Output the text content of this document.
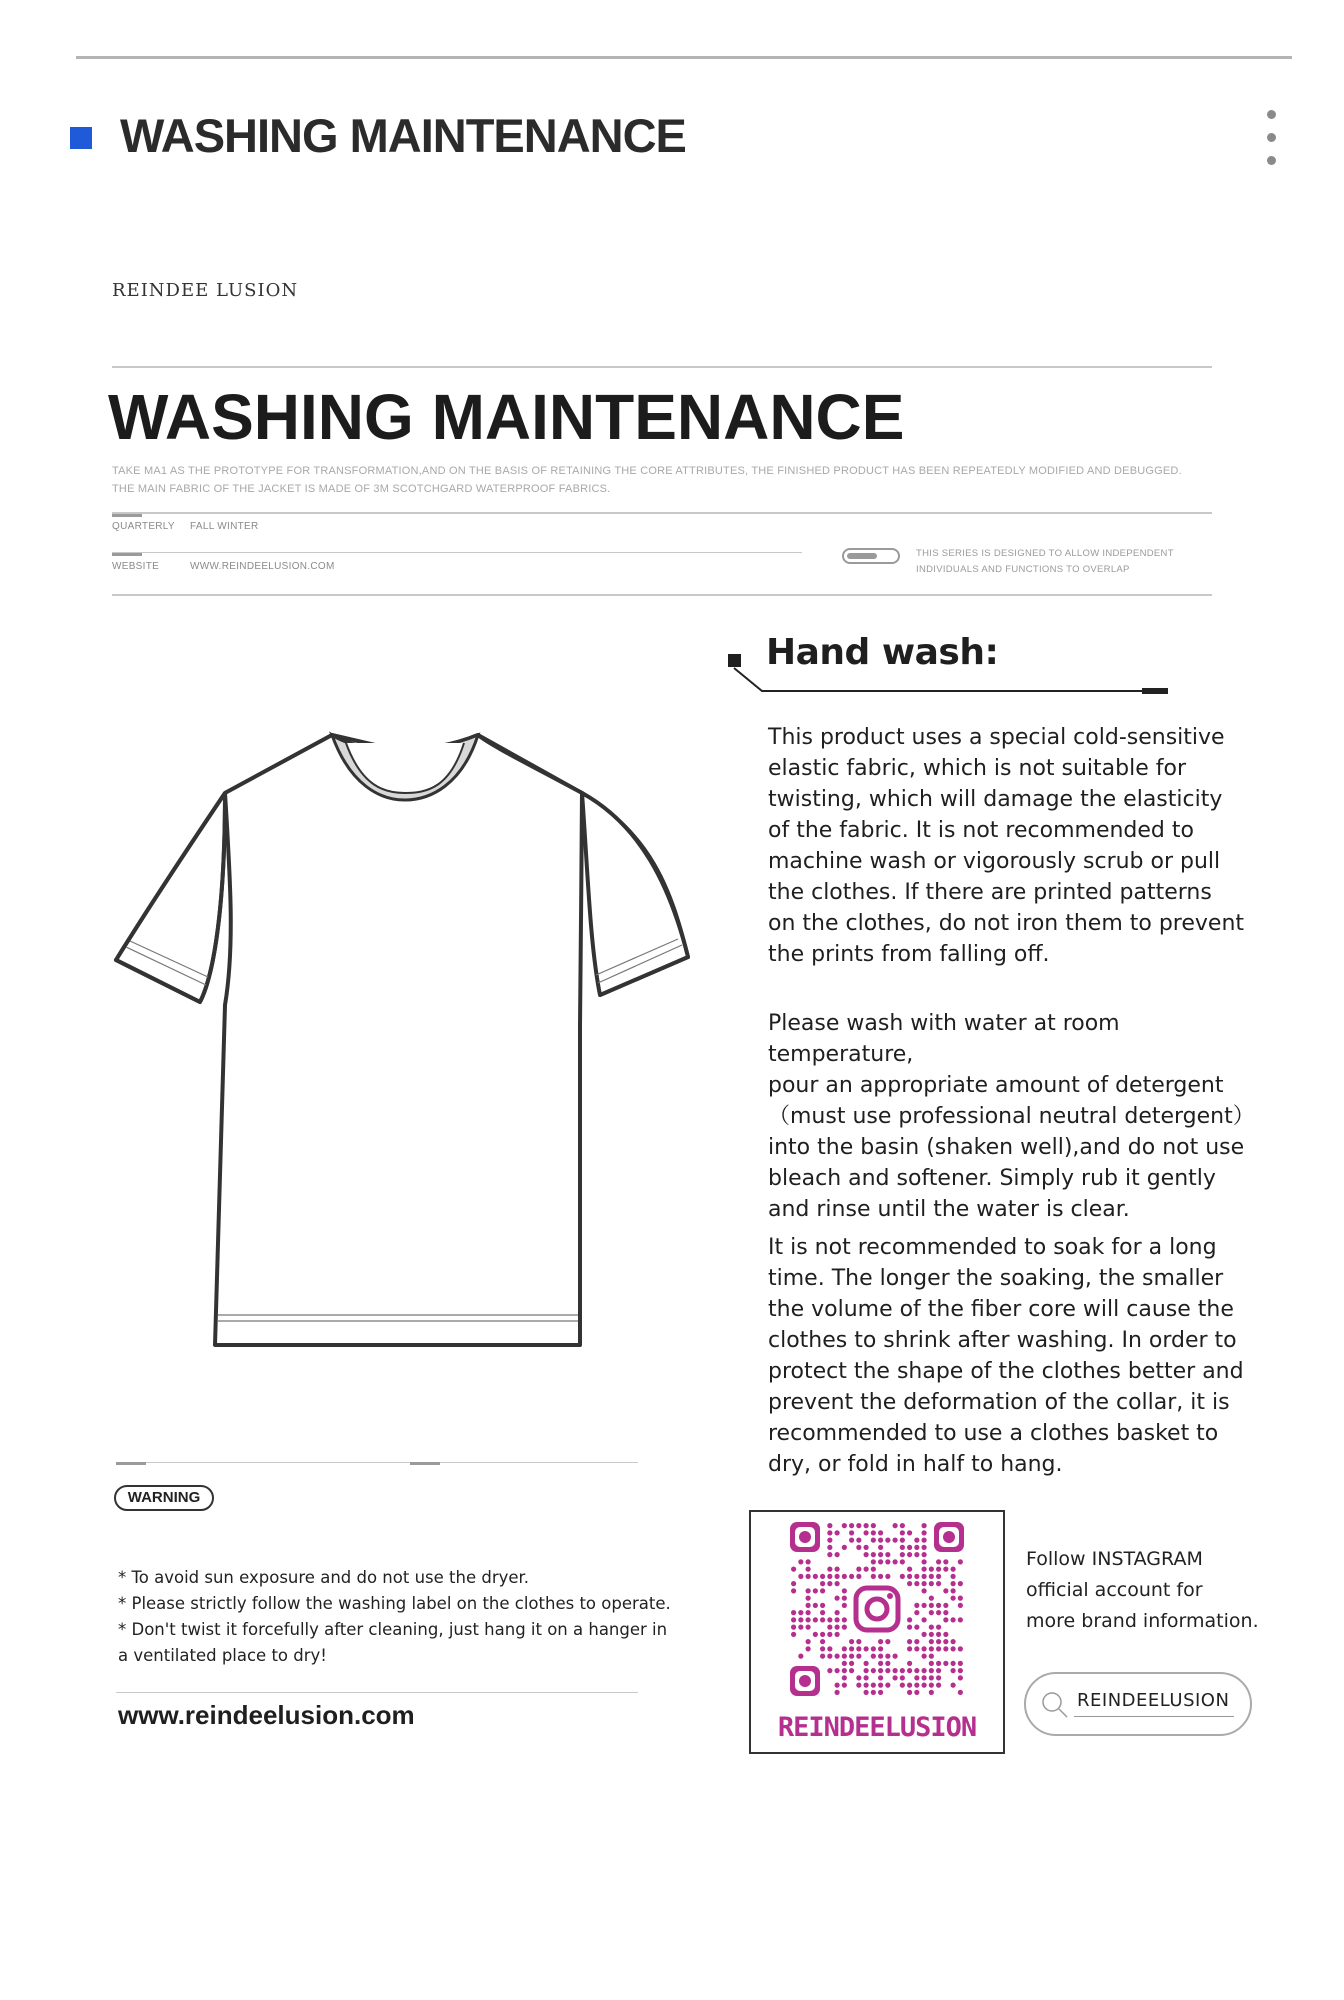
WASHING MAINTENANCE
REINDEE LUSION
WASHING MAINTENANCE
TAKE MA1 AS THE PROTOTYPE FOR TRANSFORMATION,AND ON THE BASIS OF RETAINING THE CORE ATTRIBUTES, THE FINISHED PRODUCT HAS BEEN REPEATEDLY MODIFIED AND DEBUGGED.
THE MAIN FABRIC OF THE JACKET IS MADE OF 3M SCOTCHGARD WATERPROOF FABRICS.
QUARTERLY FALL WINTER
WEBSITE	WWW.REINDEELUSION.COM
THIS SERIES IS DESIGNED TO ALLOW INDEPENDENT
INDIVIDUALS AND FUNCTIONS TO OVERLAP
Hand wash:
This product uses a special cold-sensitive
elastic fabric, which is not suitable for
twisting, which will damage the elasticity
of the fabric. It is not recommended to
machine wash or vigorously scrub or pull
the clothes. If there are printed patterns
on the clothes, do not iron them to prevent
the prints from falling off.
Please wash with water at room temperature,
pour an appropriate amount of detergent
（must use professional neutral detergent）
into the basin (shaken well),and do not use
bleach and softener. Simply rub it gently
and rinse until the water is clear.
It is not recommended to soak for a long
time. The longer the soaking, the smaller
the volume of the fiber core will cause the
clothes to shrink after washing. In order to
protect the shape of the clothes better and
prevent the deformation of the collar, it is
recommended to use a clothes basket to
dry, or fold in half to hang.
WARNING
* To avoid sun exposure and do not use the dryer.
* Please strictly follow the washing label on the clothes to operate.
* Don't twist it forcefully after cleaning, just hang it on a hanger in
a ventilated place to dry!
www.reindeelusion.com	REINDEELUSION
Follow INSTAGRAM
official account for
more brand information.
REINDEELUSION
